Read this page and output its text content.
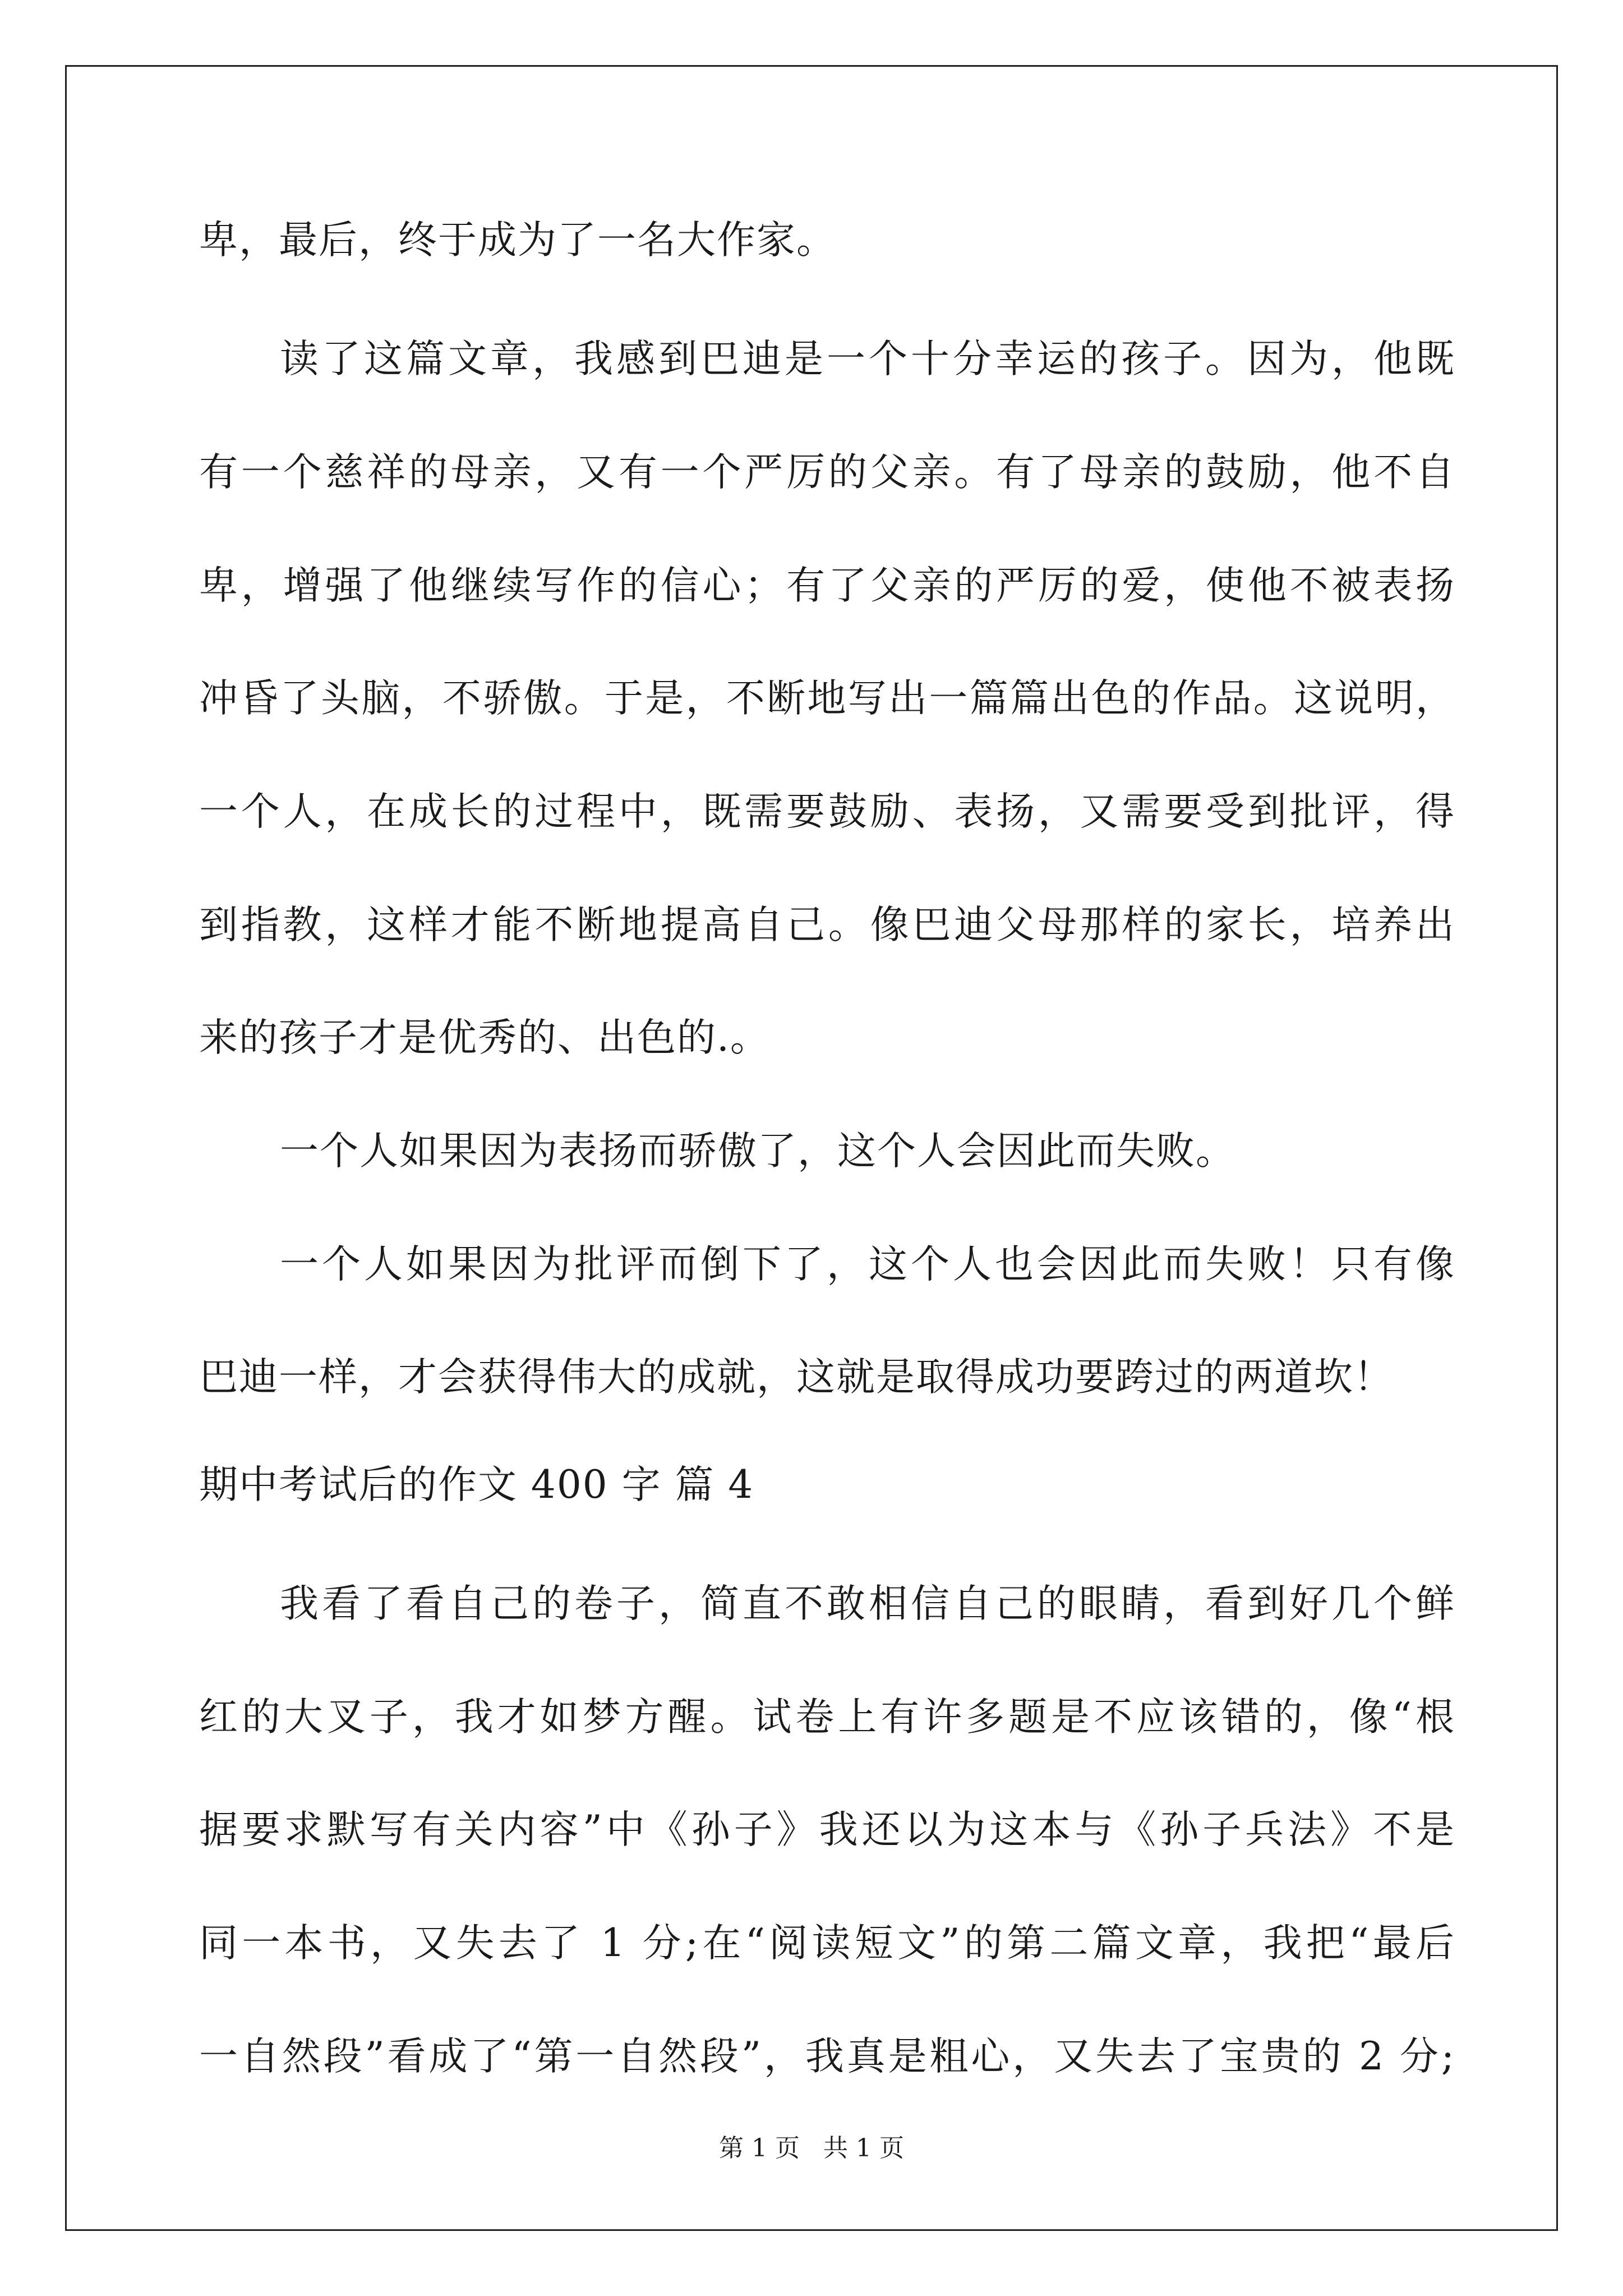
卑，最后，终于成为了一名大作家。
读了这篇文章，我感到巴迪是一个十分幸运的孩子。因为，他既
有一个慈祥的母亲，又有一个严厉的父亲。有了母亲的鼓励，他不自
卑，增强了他继续写作的信心；有了父亲的严厉的爱，使他不被表扬
冲昏了头脑，不骄傲。于是，不断地写出一篇篇出色的作品。这说明，
一个人，在成长的过程中，既需要鼓励、表扬，又需要受到批评，得
到指教，这样才能不断地提高自己。像巴迪父母那样的家长，培养出
来的孩子才是优秀的、出色的.。
一个人如果因为表扬而骄傲了，这个人会因此而失败。
一个人如果因为批评而倒下了，这个人也会因此而失败！只有像
巴迪一样，才会获得伟大的成就，这就是取得成功要跨过的两道坎！
期中考试后的作文 400 字 篇 4
我看了看自己的卷子，简直不敢相信自己的眼睛，看到好几个鲜
红的大叉子，我才如梦方醒。试卷上有许多题是不应该错的，像“根
据要求默写有关内容”中《孙子》我还以为这本与《孙子兵法》不是
同一本书，又失去了 1 分;在“阅读短文”的第二篇文章，我把“最后
一自然段”看成了“第一自然段”，我真是粗心，又失去了宝贵的 2 分;
第 1 页   共 1 页
